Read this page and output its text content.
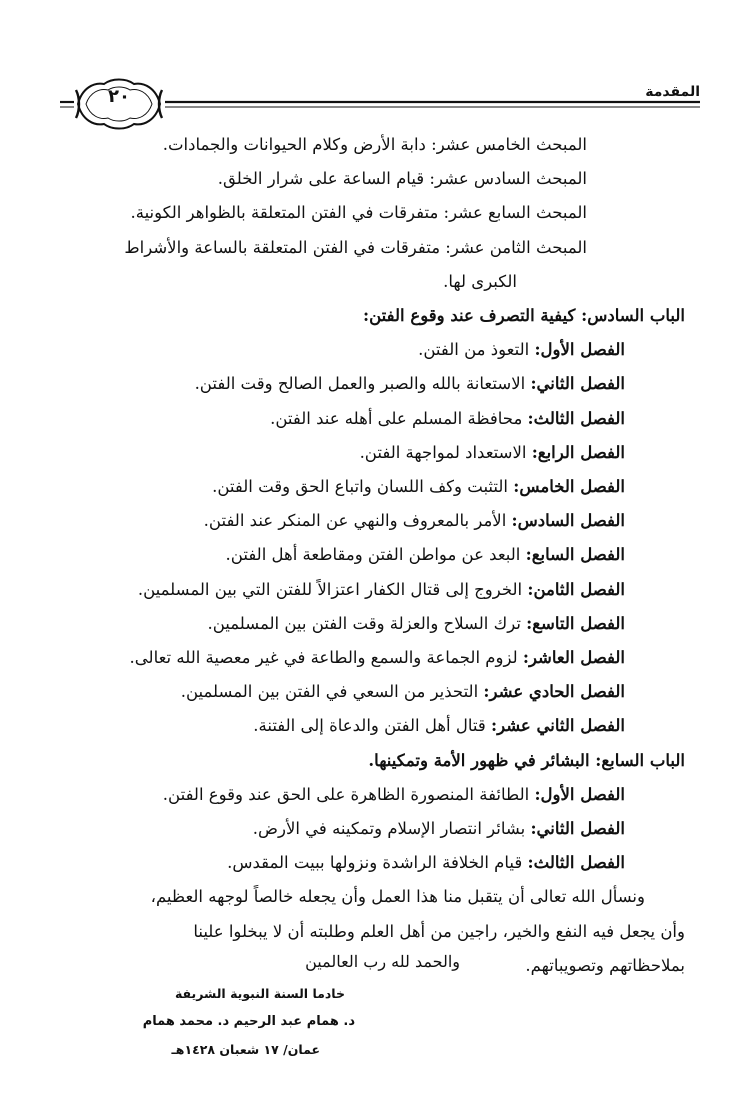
٢٠	المقدمة
المبحث الخامس عشر: دابة الأرض وكلام الحيوانات والجمادات.
المبحث السادس عشر: قيام الساعة على شرار الخلق.
المبحث السابع عشر: متفرقات في الفتن المتعلقة بالظواهر الكونية.
المبحث الثامن عشر: متفرقات في الفتن المتعلقة بالساعة والأشراط
الكبرى لها.
الباب السادس: كيفية التصرف عند وقوع الفتن:
الفصل الأول: التعوذ من الفتن.
الفصل الثاني: الاستعانة بالله والصبر والعمل الصالح وقت الفتن.
الفصل الثالث: محافظة المسلم على أهله عند الفتن.
الفصل الرابع: الاستعداد لمواجهة الفتن.
الفصل الخامس: التثبت وكف اللسان واتباع الحق وقت الفتن.
الفصل السادس: الأمر بالمعروف والنهي عن المنكر عند الفتن.
الفصل السابع: البعد عن مواطن الفتن ومقاطعة أهل الفتن.
الفصل الثامن: الخروج إلى قتال الكفار اعتزالاً للفتن التي بين المسلمين.
الفصل التاسع: ترك السلاح والعزلة وقت الفتن بين المسلمين.
الفصل العاشر: لزوم الجماعة والسمع والطاعة في غير معصية الله تعالى.
الفصل الحادي عشر: التحذير من السعي في الفتن بين المسلمين.
الفصل الثاني عشر: قتال أهل الفتن والدعاة إلى الفتنة.
الباب السابع: البشائر في ظهور الأمة وتمكينها.
الفصل الأول: الطائفة المنصورة الظاهرة على الحق عند وقوع الفتن.
الفصل الثاني: بشائر انتصار الإسلام وتمكينه في الأرض.
الفصل الثالث: قيام الخلافة الراشدة ونزولها ببيت المقدس.
ونسأل الله تعالى أن يتقبل منا هذا العمل وأن يجعله خالصاً لوجهه العظيم،
وأن يجعل فيه النفع والخير، راجين من أهل العلم وطلبته أن لا يبخلوا علينا
بملاحظاتهم وتصويباتهم.
والحمد لله رب العالمين
خادما السنة النبوية الشريفة
د. همام عبد الرحيم د. محمد همام
عمان/ ١٧ شعبان ١٤٢٨هـ
